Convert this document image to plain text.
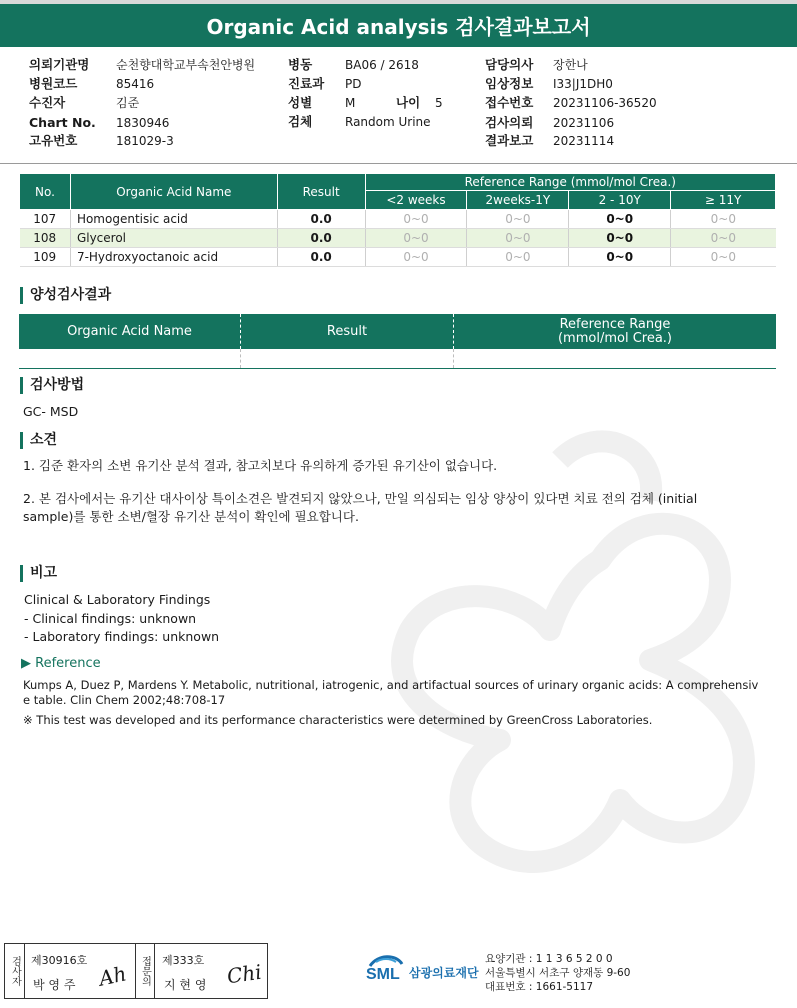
Organic Acid analysis 검사결과보고서
의뢰기관명 순천향대학교부속천안병원
병원코드	85416
수진자	김준
Chart No. 1830946
고유번호	181029-3
병동	BA06 / 2618
진료과 PD
성별	M	나이 5
검체	Random Urine
담당의사 장한나
임상정보 I33|J1DH0
접수번호 20231106-36520
검사의뢰 20231106
결과보고 20231114
No.	Organic Acid Name	Result	Reference Range (mmol/mol Crea.)			
			<2 weeks	2weeks-1Y	2 - 10Y	≥ 11Y
107	Homogentisic acid	0.0	0~0	0~0	0~0	0~0
108	Glycerol	0.0	0~0	0~0	0~0	0~0
109	7-Hydroxyoctanoic acid	0.0	0~0	0~0	0~0	0~0
양성검사결과
Organic Acid Name	Result	Reference Range
(mmol/mol Crea.)
검사방법
GC- MSD
소견
1. 김준 환자의 소변 유기산 분석 결과, 참고치보다 유의하게 증가된 유기산이 없습니다.
2. 본 검사에서는 유기산 대사이상 특이소견은 발견되지 않았으나, 만일 의심되는 임상 양상이 있다면 치료 전의 검체 (initial
sample)를 통한 소변/혈장 유기산 분석이 확인에 필요합니다.
비고
Clinical & Laboratory Findings
- Clinical findings: unknown
- Laboratory findings: unknown
▶ Reference
Kumps A, Duez P, Mardens Y. Metabolic, nutritional, iatrogenic, and artifactual sources of urinary organic acids: A comprehensiv
e table. Clin Chem 2002;48:708-17
※ This test was developed and its performance characteristics were determined by GreenCross Laboratories.
검사자 제30916호
박 영 주 Ah	접문의	제333호
지 현 영 Chi	SML 삼광의료재단
요양기관 : 1 1 3 6 5 2 0 0
서울특별시 서초구 양재동 9-60
대표번호 : 1661-5117
